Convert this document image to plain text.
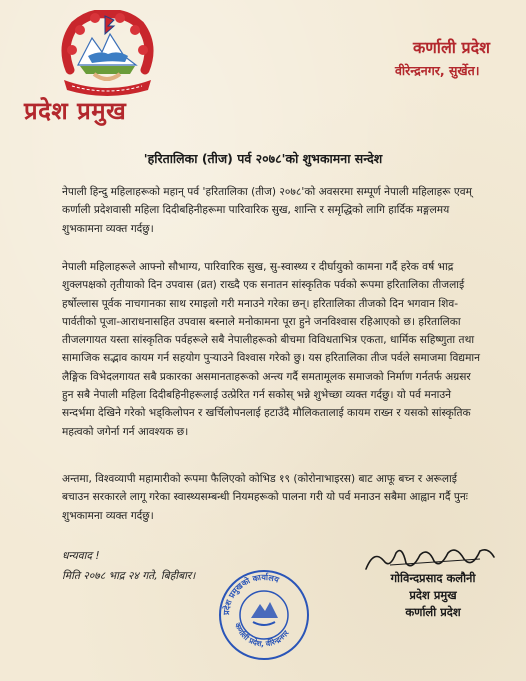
प्रदेश प्रमुख
कर्णाली प्रदेश
वीरेन्द्रनगर, सुर्खेत।
'हरितालिका (तीज) पर्व २०७८'को शुभकामना सन्देश

नेपाली हिन्दु महिलाहरूको महान् पर्व 'हरितालिका (तीज) २०७८'को अवसरमा सम्पूर्ण नेपाली महिलाहरू एवम् कर्णाली प्रदेशवासी महिला दिदीबहिनीहरूमा पारिवारिक सुख, शान्ति र समृद्धिको लागि हार्दिक मङ्गलमय शुभकामना व्यक्त गर्दछु।

नेपाली महिलाहरूले आफ्नो सौभाग्य, पारिवारिक सुख, सु-स्वास्थ्य र दीर्घायुको कामना गर्दै हरेक वर्ष भाद्र शुक्लपक्षको तृतीयाको दिन उपवास (व्रत) राख्दै एक सनातन सांस्कृतिक पर्वको रूपमा हरितालिका तीजलाई हर्षोल्लास पूर्वक नाचगानका साथ रमाइलो गरी मनाउने गरेका छन्। हरितालिका तीजको दिन भगवान शिव-पार्वतीको पूजा-आराधनासहित उपवास बस्नाले मनोकामना पूरा हुने जनविश्वास रहिआएको छ। हरितालिका तीजलगायत यस्ता सांस्कृतिक पर्वहरूले सबै नेपालीहरूको बीचमा विविधताभित्र एकता, धार्मिक सहिष्णुता तथा सामाजिक सद्भाव कायम गर्न सहयोग पुर्‍याउने विश्वास गरेको छु। यस हरितालिका तीज पर्वले समाजमा विद्यमान लैङ्गिक विभेदलगायत सबै प्रकारका असमानताहरूको अन्त्य गर्दै समतामूलक समाजको निर्माण गर्नतर्फ अग्रसर हुन सबै नेपाली महिला दिदीबहिनीहरूलाई उत्प्रेरित गर्न सकोस् भन्ने शुभेच्छा व्यक्त गर्दछु। यो पर्व मनाउने सन्दर्भमा देखिने गरेको भड्किलोपन र खर्चिलोपनलाई हटाउँदै मौलिकतालाई कायम राख्न र यसको सांस्कृतिक महत्वको जगेर्ना गर्न आवश्यक छ।

अन्तमा, विश्वव्यापी महामारीको रूपमा फैलिएको कोभिड १९ (कोरोनाभाइरस) बाट आफू बच्न र अरूलाई बचाउन सरकारले लागू गरेका स्वास्थ्यसम्बन्धी नियमहरूको पालना गरी यो पर्व मनाउन सबैमा आह्वान गर्दै पुनः शुभकामना व्यक्त गर्दछु।

धन्यवाद !
मिति २०७८ भाद्र २४ गते, बिहीबार।
प्रदेश प्रमुखको कार्यालय
कर्णाली प्रदेश, वीरेन्द्रनगर
गोविन्दप्रसाद कलौनी
प्रदेश प्रमुख
कर्णाली प्रदेश
